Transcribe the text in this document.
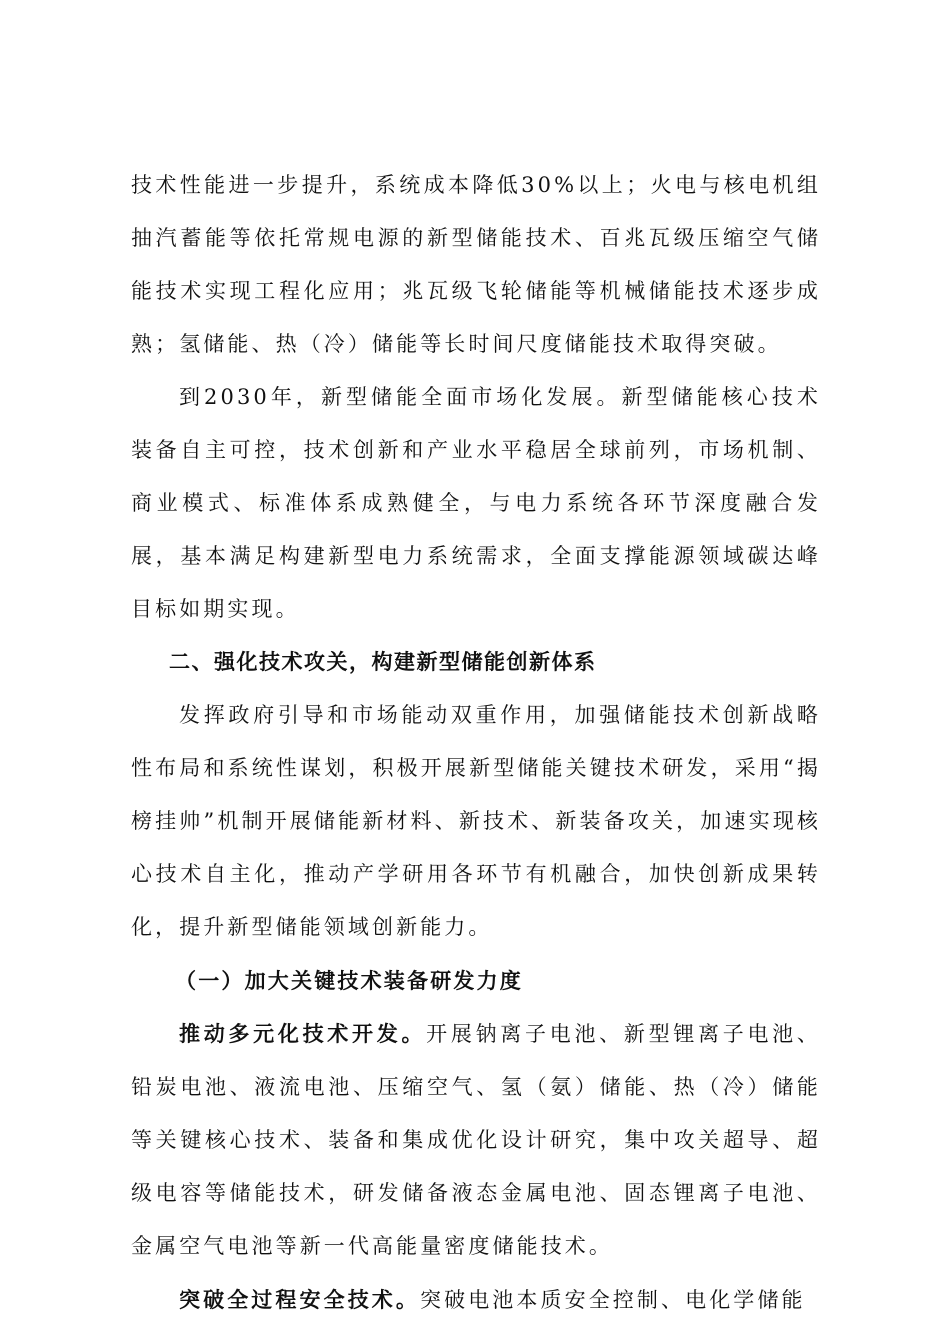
技术性能进一步提升，系统成本降低30%以上；火电与核电机组抽汽蓄能等依托常规电源的新型储能技术、百兆瓦级压缩空气储能技术实现工程化应用；兆瓦级飞轮储能等机械储能技术逐步成熟；氢储能、热（冷）储能等长时间尺度储能技术取得突破。

到2030年，新型储能全面市场化发展。新型储能核心技术装备自主可控，技术创新和产业水平稳居全球前列，市场机制、商业模式、标准体系成熟健全，与电力系统各环节深度融合发展，基本满足构建新型电力系统需求，全面支撑能源领域碳达峰目标如期实现。

二、强化技术攻关，构建新型储能创新体系

发挥政府引导和市场能动双重作用，加强储能技术创新战略性布局和系统性谋划，积极开展新型储能关键技术研发，采用“揭榜挂帅”机制开展储能新材料、新技术、新装备攻关，加速实现核心技术自主化，推动产学研用各环节有机融合，加快创新成果转化，提升新型储能领域创新能力。

（一）加大关键技术装备研发力度

推动多元化技术开发。开展钠离子电池、新型锂离子电池、铅炭电池、液流电池、压缩空气、氢（氨）储能、热（冷）储能等关键核心技术、装备和集成优化设计研究，集中攻关超导、超级电容等储能技术，研发储备液态金属电池、固态锂离子电池、金属空气电池等新一代高能量密度储能技术。

突破全过程安全技术。突破电池本质安全控制、电化学储能
